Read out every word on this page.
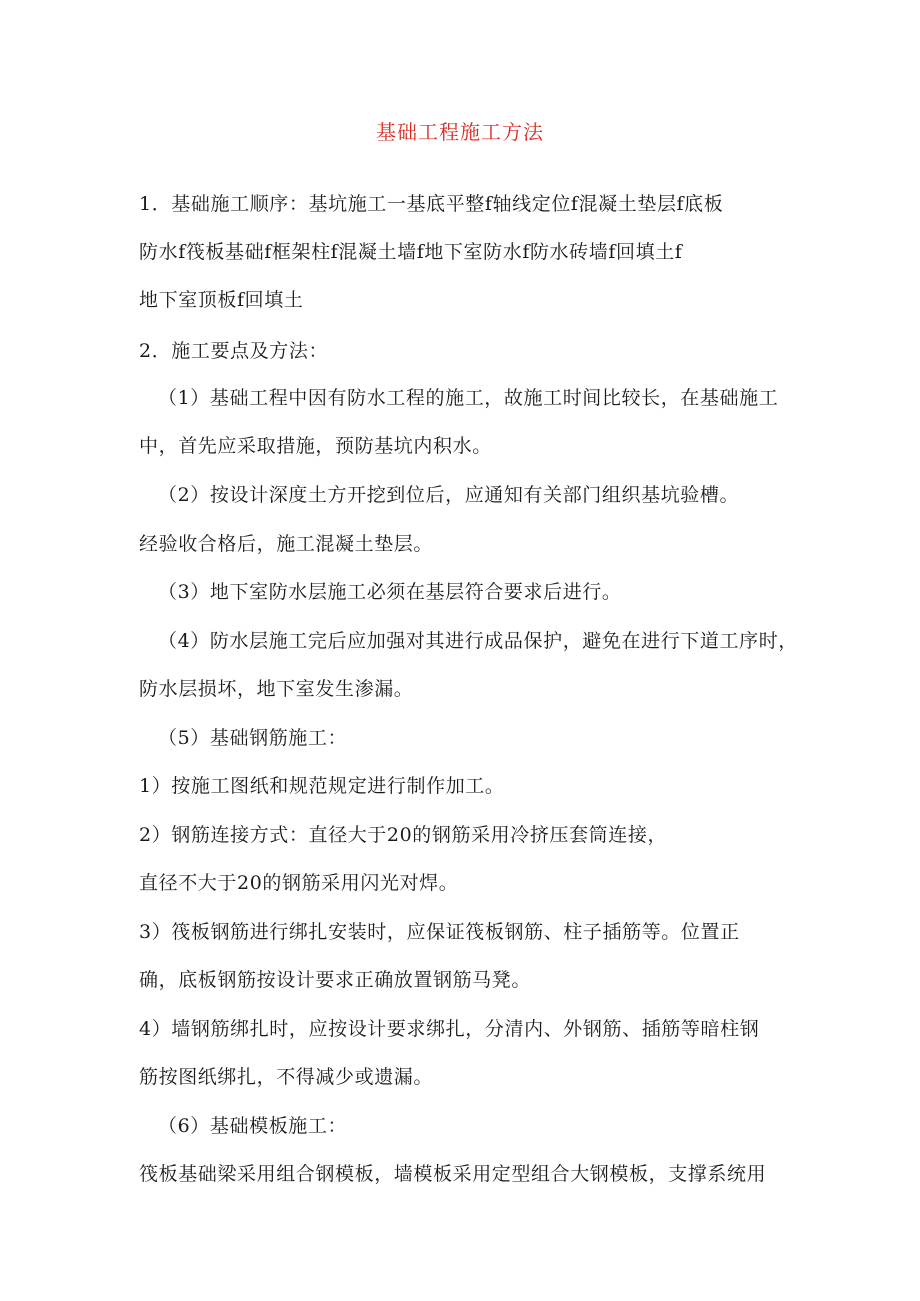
基础工程施工方法
1．基础施工顺序：基坑施工一基底平整f轴线定位f混凝土垫层f底板
防水f筏板基础f框架柱f混凝土墙f地下室防水f防水砖墙f回填土f
地下室顶板f回填土
2．施工要点及方法：
（1）基础工程中因有防水工程的施工，故施工时间比较长，在基础施工
中，首先应采取措施，预防基坑内积水。
（2）按设计深度土方开挖到位后，应通知有关部门组织基坑验槽。
经验收合格后，施工混凝土垫层。
（3）地下室防水层施工必须在基层符合要求后进行。
（4）防水层施工完后应加强对其进行成品保护，避免在进行下道工序时，
防水层损坏，地下室发生渗漏。
（5）基础钢筋施工：
1）按施工图纸和规范规定进行制作加工。
2）钢筋连接方式：直径大于20的钢筋采用冷挤压套筒连接，
直径不大于20的钢筋采用闪光对焊。
3）筏板钢筋进行绑扎安装时，应保证筏板钢筋、柱子插筋等。位置正
确，底板钢筋按设计要求正确放置钢筋马凳。
4）墙钢筋绑扎时，应按设计要求绑扎，分清内、外钢筋、插筋等暗柱钢
筋按图纸绑扎，不得减少或遗漏。
（6）基础模板施工：
筏板基础梁采用组合钢模板，墙模板采用定型组合大钢模板，支撑系统用
